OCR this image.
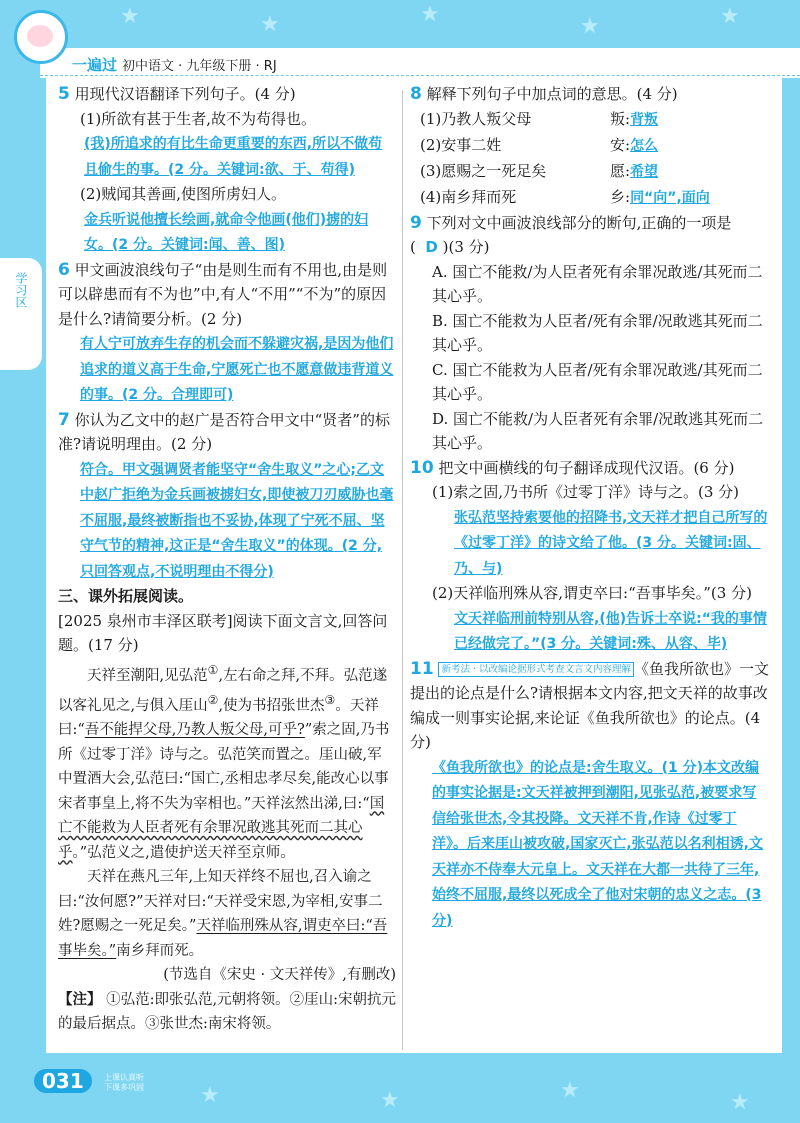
★	★	★	★	★
★	★	★	★
一遍过 初中语文 · 九年级下册 · RJ
学习区

5 用现代汉语翻译下列句子。(4 分)

(1)所欲有甚于生者,故不为苟得也。

(我)所追求的有比生命更重要的东西,所以不做苟且偷生的事。(2 分。关键词:欲、于、苟得)

(2)贼闻其善画,使图所虏妇人。

金兵听说他擅长绘画,就命令他画(他们)掳的妇女。(2 分。关键词:闻、善、图)

6 甲文画波浪线句子“由是则生而有不用也,由是则可以辟患而有不为也”中,有人“不用”“不为”的原因是什么?请简要分析。(2 分)

有人宁可放弃生存的机会而不躲避灾祸,是因为他们追求的道义高于生命,宁愿死亡也不愿意做违背道义的事。(2 分。合理即可)

7 你认为乙文中的赵广是否符合甲文中“贤者”的标准?请说明理由。(2 分)

符合。甲文强调贤者能坚守“舍生取义”之心;乙文中赵广拒绝为金兵画被掳妇女,即使被刀刃威胁也毫不屈服,最终被断指也不妥协,体现了宁死不屈、坚守气节的精神,这正是“舍生取义”的体现。(2 分,只回答观点,不说明理由不得分)

三、课外拓展阅读。

[2025 泉州市丰泽区联考]阅读下面文言文,回答问题。(17 分)

天祥至潮阳,见弘范①,左右命之拜,不拜。弘范遂以客礼见之,与俱入厓山②,使为书招张世杰③。天祥曰:“吾不能捍父母,乃教人叛父母,可乎?”索之固,乃书所《过零丁洋》诗与之。弘范笑而置之。厓山破,军中置酒大会,弘范曰:“国亡,丞相忠孝尽矣,能改心以事宋者事皇上,将不失为宰相也。”天祥泫然出涕,曰:“国亡不能救为人臣者死有余罪况敢逃其死而二其心乎。”弘范义之,遣使护送天祥至京师。

天祥在燕凡三年,上知天祥终不屈也,召入谕之曰:“汝何愿?”天祥对曰:“天祥受宋恩,为宰相,安事二姓?愿赐之一死足矣。”天祥临刑殊从容,谓吏卒曰:“吾事毕矣。”南乡拜而死。

(节选自《宋史 · 文天祥传》,有删改)

【注】 ①弘范:即张弘范,元朝将领。②厓山:宋朝抗元的最后据点。③张世杰:南宋将领。

8 解释下列句子中加点词的意思。(4 分)

(1)乃教人叛父母	叛:背叛
(2)安事二姓	安:怎么
(3)愿赐之一死足矣	愿:希望
(4)南乡拜而死	乡:同“向”,面向

9 下列对文中画波浪线部分的断句,正确的一项是 (  D )(3 分)

A. 国亡不能救/为人臣者死有余罪况敢逃/其死而二其心乎。

B. 国亡不能救为人臣者/死有余罪/况敢逃其死而二其心乎。

C. 国亡不能救为人臣者/死有余罪况敢逃/其死而二其心乎。

D. 国亡不能救/为人臣者死有余罪/况敢逃其死而二其心乎。

10 把文中画横线的句子翻译成现代汉语。(6 分)

(1)索之固,乃书所《过零丁洋》诗与之。(3 分)

张弘范坚持索要他的招降书,文天祥才把自己所写的《过零丁洋》的诗文给了他。(3 分。关键词:固、乃、与)

(2)天祥临刑殊从容,谓吏卒曰:“吾事毕矣。”(3 分)

文天祥临刑前特别从容,(他)告诉士卒说:“我的事情已经做完了。”(3 分。关键词:殊、从容、毕)

11 新考法 · 以改编论据形式考查文言文内容理解 《鱼我所欲也》一文提出的论点是什么?请根据本文内容,把文天祥的故事改编成一则事实论据,来论证《鱼我所欲也》的论点。(4 分)

《鱼我所欲也》的论点是:舍生取义。(1 分)本文改编的事实论据是:文天祥被押到潮阳,见张弘范,被要求写信给张世杰,令其投降。文天祥不肯,作诗《过零丁洋》。后来厓山被攻破,国家灭亡,张弘范以名利相诱,文天祥亦不侍奉大元皇上。文天祥在大都一共待了三年,始终不屈服,最终以死成全了他对宋朝的忠义之志。(3 分)

031	上课认真听 下课多巩固
